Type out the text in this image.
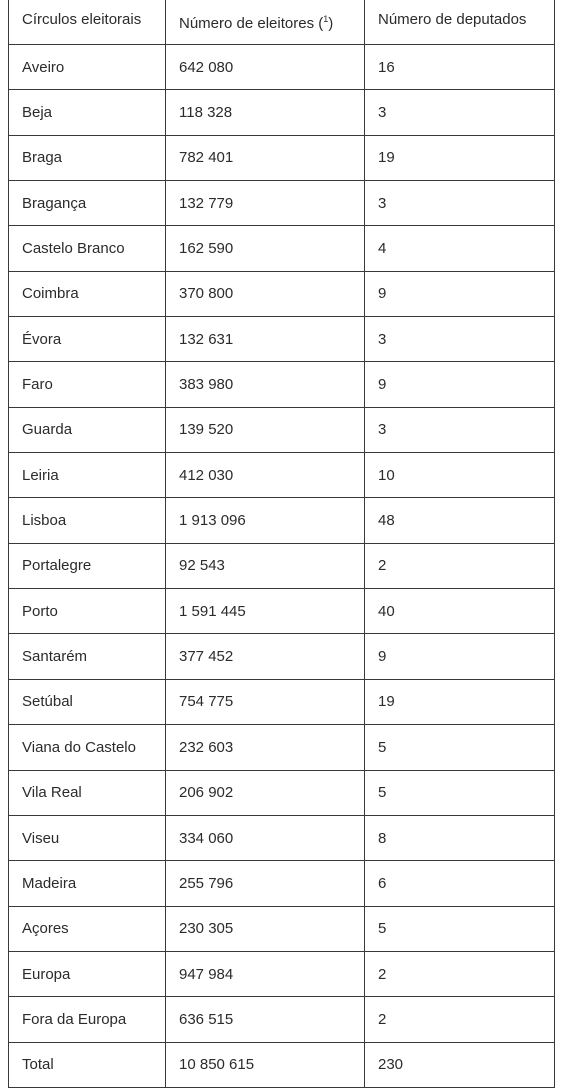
Círculos eleitorais	Número de eleitores ($^1$)	Número de deputados
Aveiro	642 080	16
Beja	118 328	3
Braga	782 401	19
Bragança	132 779	3
Castelo Branco	162 590	4
Coimbra	370 800	9
Évora	132 631	3
Faro	383 980	9
Guarda	139 520	3
Leiria	412 030	10
Lisboa	1 913 096	48
Portalegre	92 543	2
Porto	1 591 445	40
Santarém	377 452	9
Setúbal	754 775	19
Viana do Castelo	232 603	5
Vila Real	206 902	5
Viseu	334 060	8
Madeira	255 796	6
Açores	230 305	5
Europa	947 984	2
Fora da Europa	636 515	2
Total	10 850 615	230
